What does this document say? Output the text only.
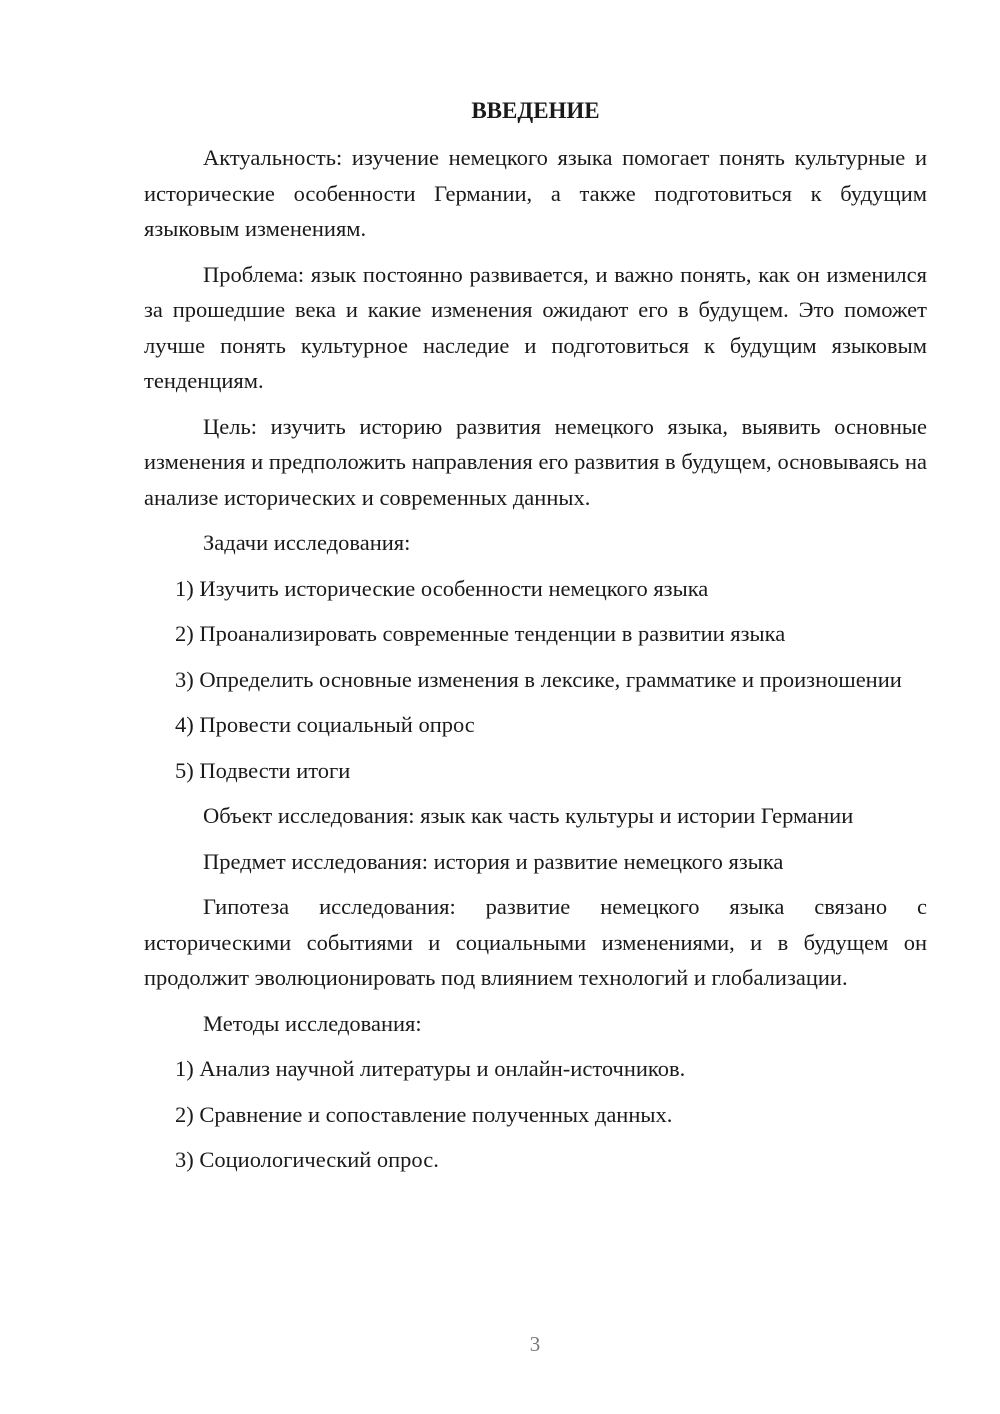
ВВЕДЕНИЕ

Актуальность: изучение немецкого языка помогает понять культурные и исторические особенности Германии, а также подготовиться к будущим языковым изменениям.

Проблема: язык постоянно развивается, и важно понять, как он изменился за прошедшие века и какие изменения ожидают его в будущем. Это поможет лучше понять культурное наследие и подготовиться к будущим языковым тенденциям.

Цель: изучить историю развития немецкого языка, выявить основные изменения и предположить направления его развития в будущем, основываясь на анализе исторических и современных данных.

Задачи исследования:

1) Изучить исторические особенности немецкого языка

2) Проанализировать современные тенденции в развитии языка

3) Определить основные изменения в лексике, грамматике и произношении

4) Провести социальный опрос

5) Подвести итоги

Объект исследования: язык как часть культуры и истории Германии

Предмет исследования: история и развитие немецкого языка

Гипотеза исследования: развитие немецкого языка связано с историческими событиями и социальными изменениями, и в будущем он продолжит эволюционировать под влиянием технологий и глобализации.

Методы исследования:

1) Анализ научной литературы и онлайн-источников.

2) Сравнение и сопоставление полученных данных.

3) Социологический опрос.

3
